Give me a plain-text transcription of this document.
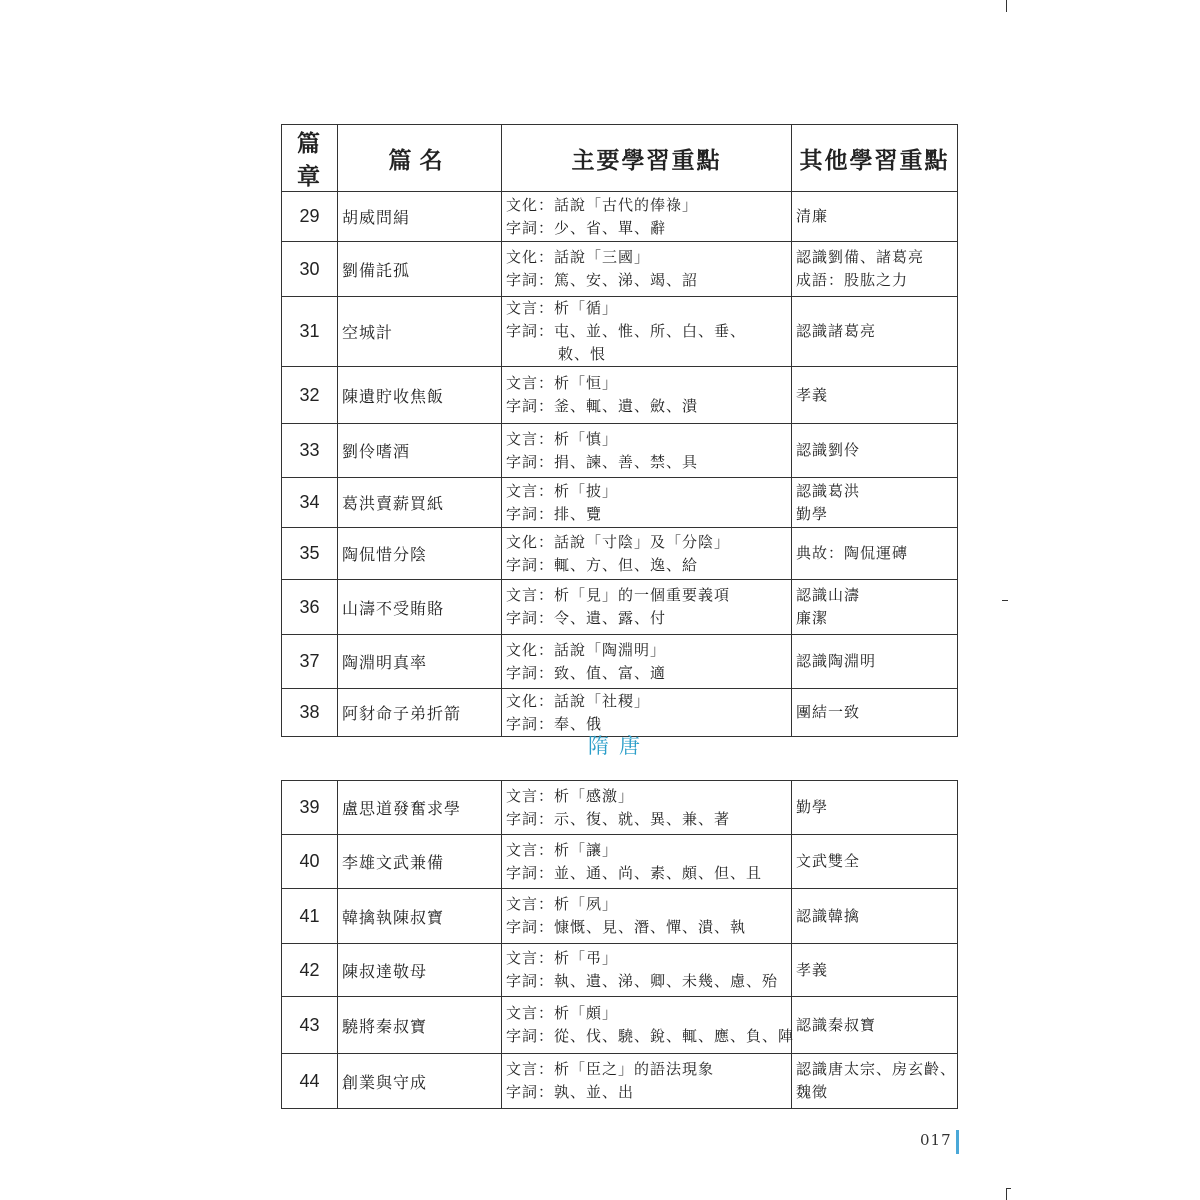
篇章	篇名	主要學習重點	其他學習重點
29	胡威問絹	文化：話說「古代的俸祿」
字詞：少、省、單、辭	清廉

30	劉備託孤	文化：話說「三國」
字詞：篤、安、涕、竭、詔	認識劉備、諸葛亮
成語：股肱之力

31	空城計	文言：析「循」
字詞：屯、並、惟、所、白、垂、
敕、恨	認識諸葛亮

32	陳遺貯收焦飯	文言：析「恒」
字詞：釜、輒、遺、斂、潰	孝義

33	劉伶嗜酒	文言：析「慎」
字詞：捐、諫、善、禁、具	認識劉伶

34	葛洪賣薪買紙	文言：析「披」
字詞：排、覽	認識葛洪
勤學

35	陶侃惜分陰	文化：話說「寸陰」及「分陰」
字詞：輒、方、但、逸、給	典故：陶侃運磚

36	山濤不受賄賂	文言：析「見」的一個重要義項
字詞：令、遺、露、付	認識山濤
廉潔

37	陶淵明真率	文化：話說「陶淵明」
字詞：致、值、富、適	認識陶淵明

38	阿豺命子弟折箭	文化：話說「社稷」
字詞：奉、俄	團結一致
隋唐
39	盧思道發奮求學	文言：析「感激」
字詞：示、復、就、異、兼、著	勤學

40	李雄文武兼備	文言：析「讓」
字詞：並、通、尚、素、頗、但、且	文武雙全

41	韓擒執陳叔寶	文言：析「夙」
字詞：慷慨、見、潛、憚、潰、執	認識韓擒

42	陳叔達敬母	文言：析「弔」
字詞：執、遺、涕、卿、未幾、慮、殆	孝義

43	驍將秦叔寶	文言：析「頗」
字詞：從、伐、驍、銳、輒、應、負、陣	認識秦叔寶

44	創業與守成	文言：析「臣之」的語法現象
字詞：孰、並、出	認識唐太宗、房玄齡、
魏徵
017
